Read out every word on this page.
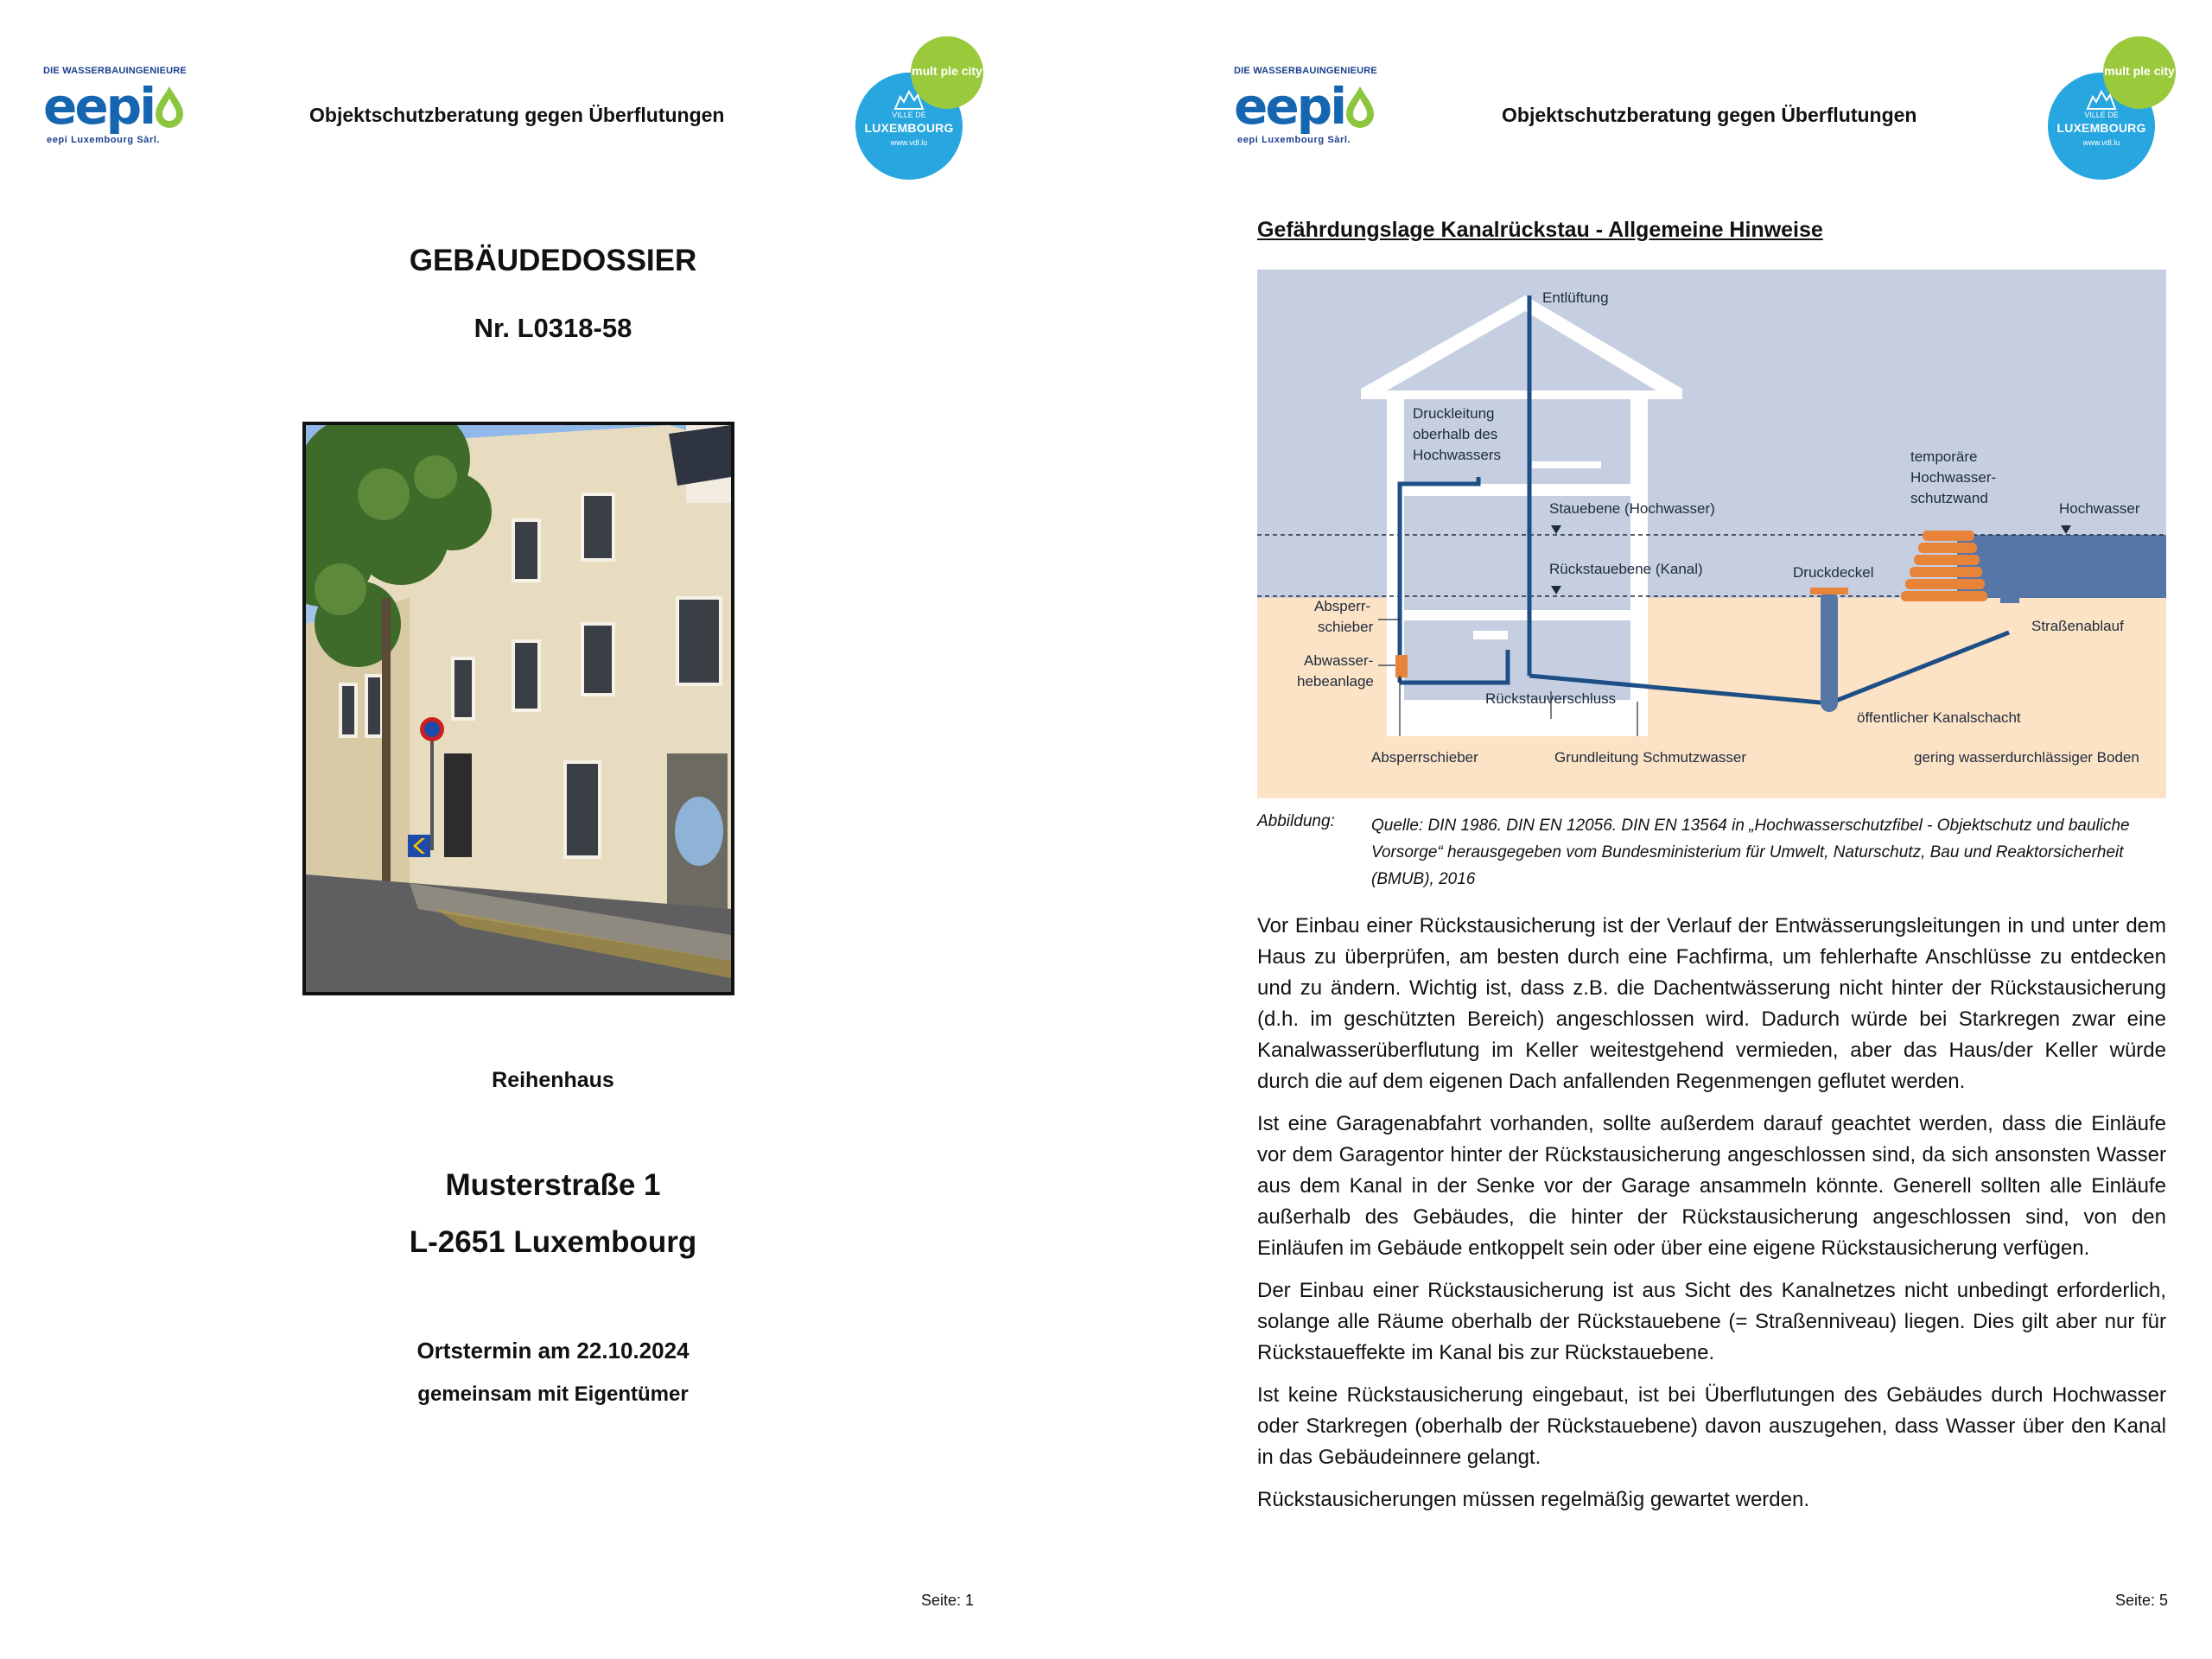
DIE WASSERBAUINGENIEURE
eepi
eepi Luxembourg Sàrl.
Objektschutzberatung gegen Überflutungen	VILLE DE
LUXEMBOURG
www.vdl.lu
mult ple city
GEBÄUDEDOSSIER
Nr. L0318-58
Reihenhaus
Musterstraße 1
L-2651 Luxembourg
Ortstermin am 22.10.2024
gemeinsam mit Eigentümer
Seite: 1
DIE WASSERBAUINGENIEURE
eepi
eepi Luxembourg Sàrl.
Objektschutzberatung gegen Überflutungen	VILLE DE
LUXEMBOURG
www.vdl.lu
mult ple city
Gefährdungslage Kanalrückstau - Allgemeine Hinweise
Entlüftung
Druckleitung
oberhalb des
Hochwassers
Stauebene (Hochwasser)
Rückstauebene (Kanal)
temporäre
Hochwasser-
schutzwand
Hochwasser
Druckdeckel
Absperr-
schieber
Abwasser-
hebeanlage
Straßenablauf
Rückstauverschluss
öffentlicher Kanalschacht
Absperrschieber	Grundleitung Schmutzwasser	gering wasserdurchlässiger Boden
Abbildung: Quelle: DIN 1986. DIN EN 12056. DIN EN 13564 in „Hochwasserschutzfibel - Objektschutz und bauliche Vorsorge“ herausgegeben vom Bundesministerium für Umwelt, Naturschutz, Bau und Reaktorsicherheit (BMUB), 2016

Vor Einbau einer Rückstausicherung ist der Verlauf der Entwässerungsleitungen in und unter dem Haus zu überprüfen, am besten durch eine Fachfirma, um fehlerhafte Anschlüsse zu entdecken und zu ändern. Wichtig ist, dass z.B. die Dachentwässerung nicht hinter der Rückstausicherung (d.h. im geschützten Bereich) angeschlossen wird. Dadurch würde bei Starkregen zwar eine Kanalwasserüberflutung im Keller weitestgehend vermieden, aber das Haus/der Keller würde durch die auf dem eigenen Dach anfallenden Regenmengen geflutet werden.

Ist eine Garagenabfahrt vorhanden, sollte außerdem darauf geachtet werden, dass die Einläufe vor dem Garagentor hinter der Rückstausicherung angeschlossen sind, da sich ansonsten Wasser aus dem Kanal in der Senke vor der Garage ansammeln könnte. Generell sollten alle Einläufe außerhalb des Gebäudes, die hinter der Rückstausicherung angeschlossen sind, von den Einläufen im Gebäude entkoppelt sein oder über eine eigene Rückstausicherung verfügen.

Der Einbau einer Rückstausicherung ist aus Sicht des Kanalnetzes nicht unbedingt erforderlich, solange alle Räume oberhalb der Rückstauebene (= Straßenniveau) liegen. Dies gilt aber nur für Rückstaueffekte im Kanal bis zur Rückstauebene.

Ist keine Rückstausicherung eingebaut, ist bei Überflutungen des Gebäudes durch Hochwasser oder Starkregen (oberhalb der Rückstauebene) davon auszugehen, dass Wasser über den Kanal in das Gebäudeinnere gelangt.

Rückstausicherungen müssen regelmäßig gewartet werden.

Seite: 5
